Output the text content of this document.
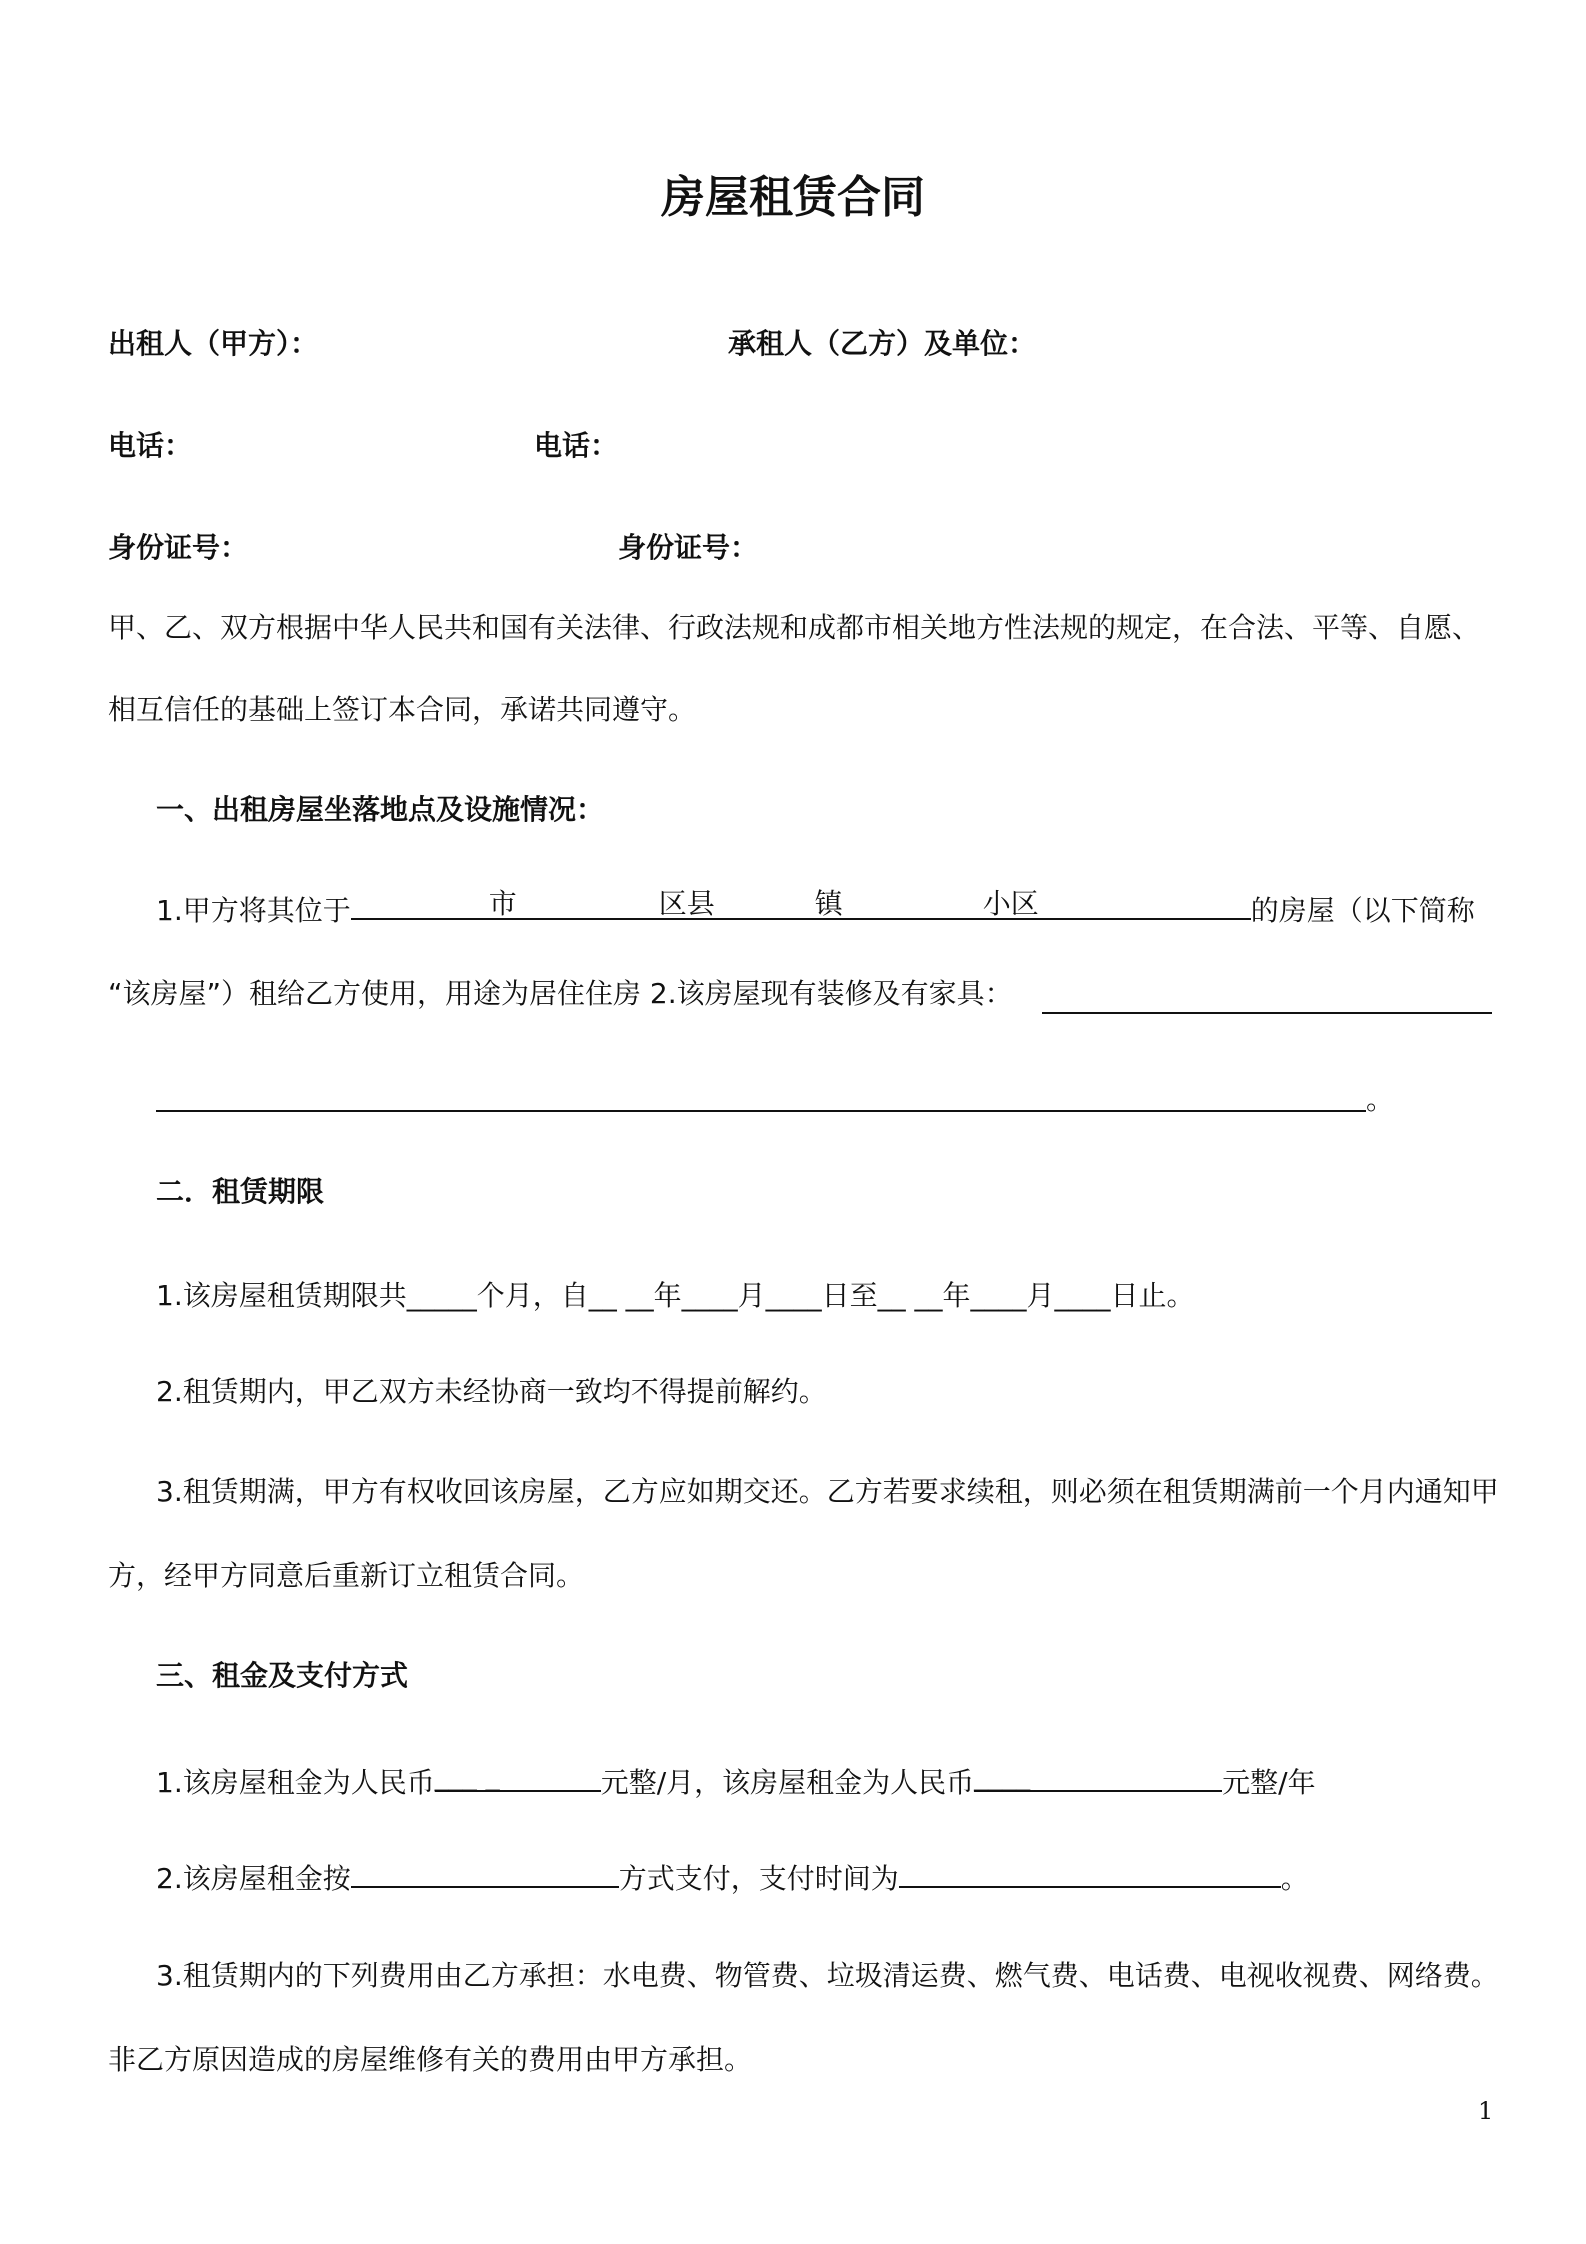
房屋租赁合同
出租人（甲方）：	承租人（乙方）及单位：
电话：	电话：
身份证号：	身份证号：
甲、乙、双方根据中华人民共和国有关法律、行政法规和成都市相关地方性法规的规定，在合法、平等、自愿、
相互信任的基础上签订本合同，承诺共同遵守。
一、出租房屋坐落地点及设施情况：
1.甲方将其位于	市	区县	镇	小区	的房屋（以下简称
“该房屋”）租给乙方使用，用途为居住住房 2.该房屋现有装修及有家具：
。
二．租赁期限
1.该房屋租赁期限共_____个月，自__ __年____月____日至__ __年____月____日止。
2.租赁期内，甲乙双方未经协商一致均不得提前解约。
3.租赁期满，甲方有权收回该房屋，乙方应如期交还。乙方若要求续租，则必须在租赁期满前一个月内通知甲
方，经甲方同意后重新订立租赁合同。
三、租金及支付方式
1.该房屋租金为人民币 ___ _	元整/月，该房屋租金为人民币 ____	元整/年
2.该房屋租金按	方式支付，支付时间为	。
3.租赁期内的下列费用由乙方承担：水电费、物管费、垃圾清运费、燃气费、电话费、电视收视费、网络费。
非乙方原因造成的房屋维修有关的费用由甲方承担。
1
